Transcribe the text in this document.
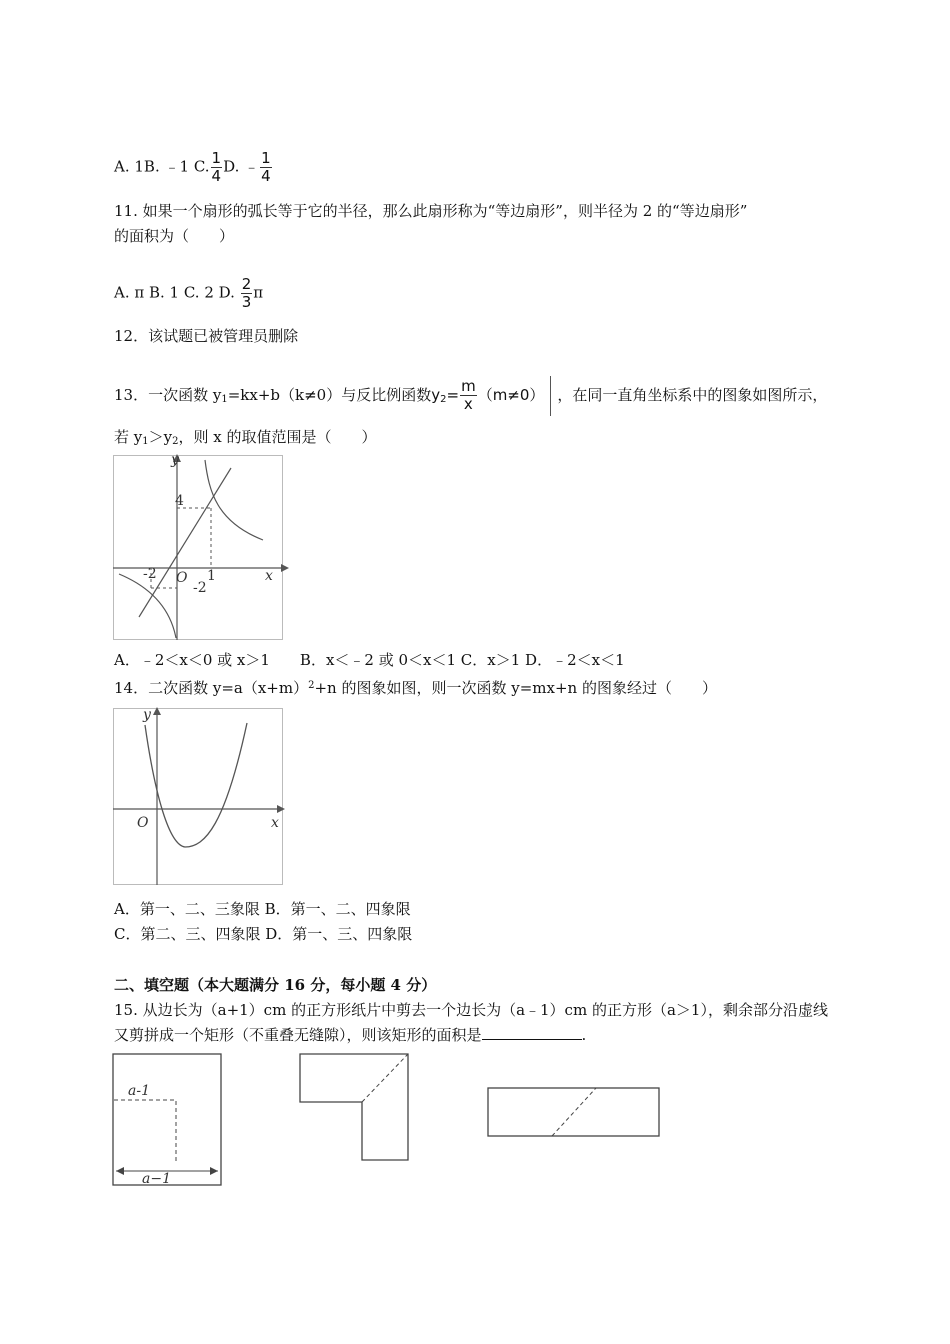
A. 1B. ﹣1 C. $\frac{1}{4} D$. ﹣ $\frac{1}{4}$
11. 如果一个扇形的弧长等于它的半径，那么此扇形称为“等边扇形”，则半径为 2 的“等边扇形”
的面积为（　　）
A. π B. 1 C. 2 D. $\frac{2}{3}$ π
12．该试题已被管理员删除
13．一次函数 $y_1=kx+b(k\ne 0)$与反比例函数$y_2= \frac{m}{x} (m\ne 0)$ ，在同一直角坐标系中的图象如图所示，
若 $y_1>y_2$，则 x 的取值范围是（　　）
y
x
O
4
-2	1
-2
A．﹣2＜x＜0 或 x＞1　　B．x＜﹣2 或 0＜x＜1 C．x＞1 D．﹣2＜x＜1
14．二次函数 $y=a(x+m)^2+n$ 的图象如图，则一次函数 y=mx+n 的图象经过（　　）
y
x
O
A．第一、二、三象限 B．第一、二、四象限
C．第二、三、四象限 D．第一、三、四象限
二、填空题（本大题满分 16 分，每小题 4 分）
15. 从边长为（a+1）cm 的正方形纸片中剪去一个边长为（a﹣1）cm 的正方形（a＞1），剩余部分沿虚线
又剪拼成一个矩形（不重叠无缝隙），则该矩形的面积是	.
a-1
a−1
